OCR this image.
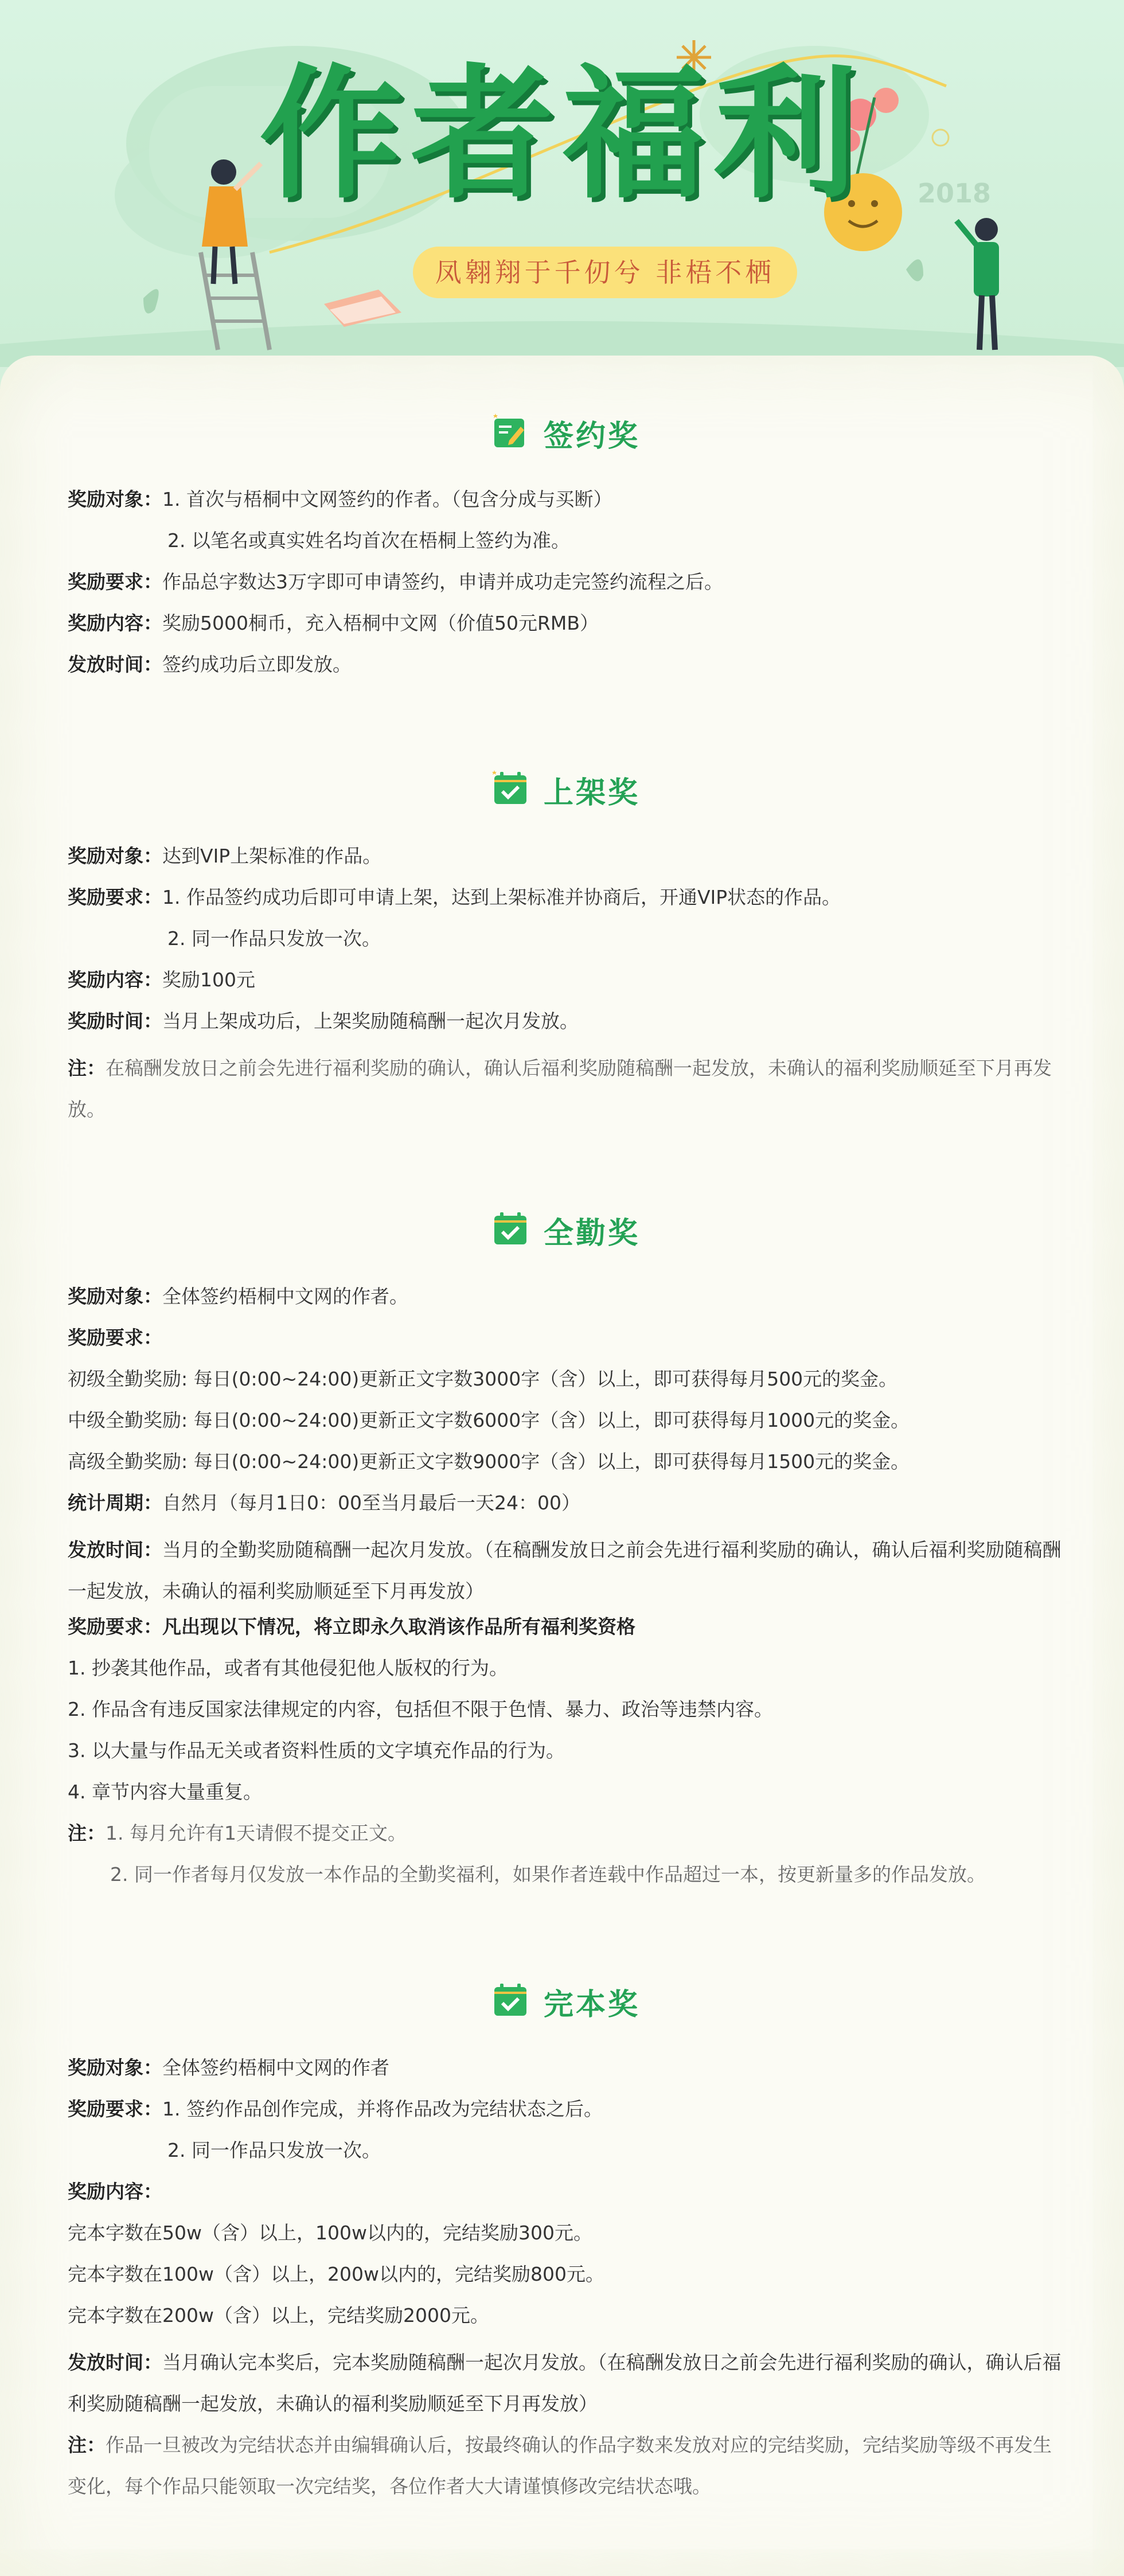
作者福利	2018
凤翱翔于千仞兮 非梧不栖
签约奖
奖励对象：1. 首次与梧桐中文网签约的作者。（包含分成与买断）
2. 以笔名或真实姓名均首次在梧桐上签约为准。
奖励要求：作品总字数达3万字即可申请签约，申请并成功走完签约流程之后。
奖励内容：奖励5000桐币，充入梧桐中文网（价值50元RMB）
发放时间：签约成功后立即发放。
上架奖
奖励对象：达到VIP上架标准的作品。
奖励要求：1. 作品签约成功后即可申请上架，达到上架标准并协商后，开通VIP状态的作品。
2. 同一作品只发放一次。
奖励内容：奖励100元
奖励时间：当月上架成功后，上架奖励随稿酬一起次月发放。
注：在稿酬发放日之前会先进行福利奖励的确认，确认后福利奖励随稿酬一起发放，未确认的福利奖励顺延至下月再发放。
全勤奖
奖励对象：全体签约梧桐中文网的作者。
奖励要求：
初级全勤奖励: 每日(0:00~24:00)更新正文字数3000字（含）以上，即可获得每月500元的奖金。
中级全勤奖励: 每日(0:00~24:00)更新正文字数6000字（含）以上，即可获得每月1000元的奖金。
高级全勤奖励: 每日(0:00~24:00)更新正文字数9000字（含）以上，即可获得每月1500元的奖金。
统计周期：自然月（每月1日0：00至当月最后一天24：00）
发放时间：当月的全勤奖励随稿酬一起次月发放。（在稿酬发放日之前会先进行福利奖励的确认，确认后福利奖励随稿酬一起发放，未确认的福利奖励顺延至下月再发放）
奖励要求：凡出现以下情况，将立即永久取消该作品所有福利奖资格
1. 抄袭其他作品，或者有其他侵犯他人版权的行为。
2. 作品含有违反国家法律规定的内容，包括但不限于色情、暴力、政治等违禁内容。
3. 以大量与作品无关或者资料性质的文字填充作品的行为。
4. 章节内容大量重复。
注：1. 每月允许有1天请假不提交正文。
2. 同一作者每月仅发放一本作品的全勤奖福利，如果作者连载中作品超过一本，按更新量多的作品发放。
完本奖
奖励对象：全体签约梧桐中文网的作者
奖励要求：1. 签约作品创作完成，并将作品改为完结状态之后。
2. 同一作品只发放一次。
奖励内容：
完本字数在50w（含）以上，100w以内的，完结奖励300元。
完本字数在100w（含）以上，200w以内的，完结奖励800元。
完本字数在200w（含）以上，完结奖励2000元。
发放时间：当月确认完本奖后，完本奖励随稿酬一起次月发放。（在稿酬发放日之前会先进行福利奖励的确认，确认后福利奖励随稿酬一起发放，未确认的福利奖励顺延至下月再发放）
注：作品一旦被改为完结状态并由编辑确认后，按最终确认的作品字数来发放对应的完结奖励，完结奖励等级不再发生变化，每个作品只能领取一次完结奖，各位作者大大请谨慎修改完结状态哦。
